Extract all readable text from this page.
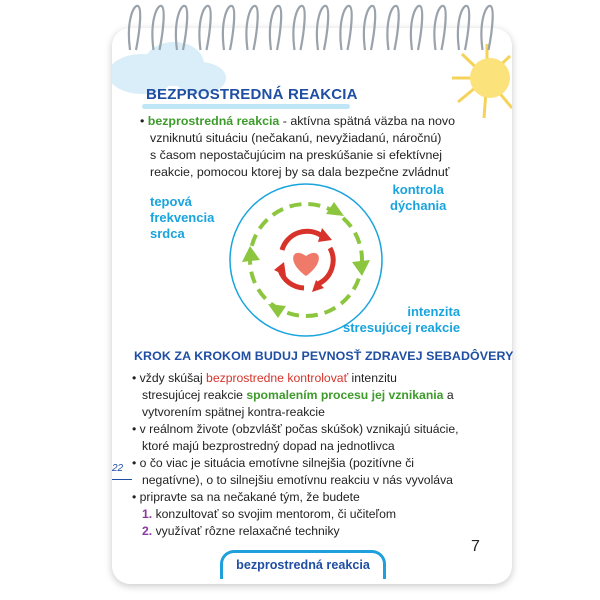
BEZPROSTREDNÁ REAKCIA
• bezprostredná reakcia - aktívna spätná väzba na novo
vzniknutú situáciu (nečakanú, nevyžiadanú, náročnú)
s časom nepostačujúcim na preskúšanie si efektívnej
reakcie, pomocou ktorej by sa dala bezpečne zvládnuť
tepová
frekvencia
srdca
kontrola
dýchania
intenzita
stresujúcej reakcie
KROK ZA KROKOM BUDUJ PEVNOSŤ ZDRAVEJ SEBADÔVERY
• vždy skúšaj bezprostredne kontrolovať intenzitu
stresujúcej reakcie spomalením procesu jej vznikania a
vytvorením spätnej kontra-reakcie
• v reálnom živote (obzvlášť počas skúšok) vznikajú situácie,
ktoré majú bezprostredný dopad na jednotlivca
• o čo viac je situácia emotívne silnejšia (pozitívne či
negatívne), o to silnejšiu emotívnu reakciu v nás vyvoláva
• pripravte sa na nečakané tým, že budete
1. konzultovať so svojim mentorom, či učiteľom
2. využívať rôzne relaxačné techniky
22
7
bezprostredná reakcia
